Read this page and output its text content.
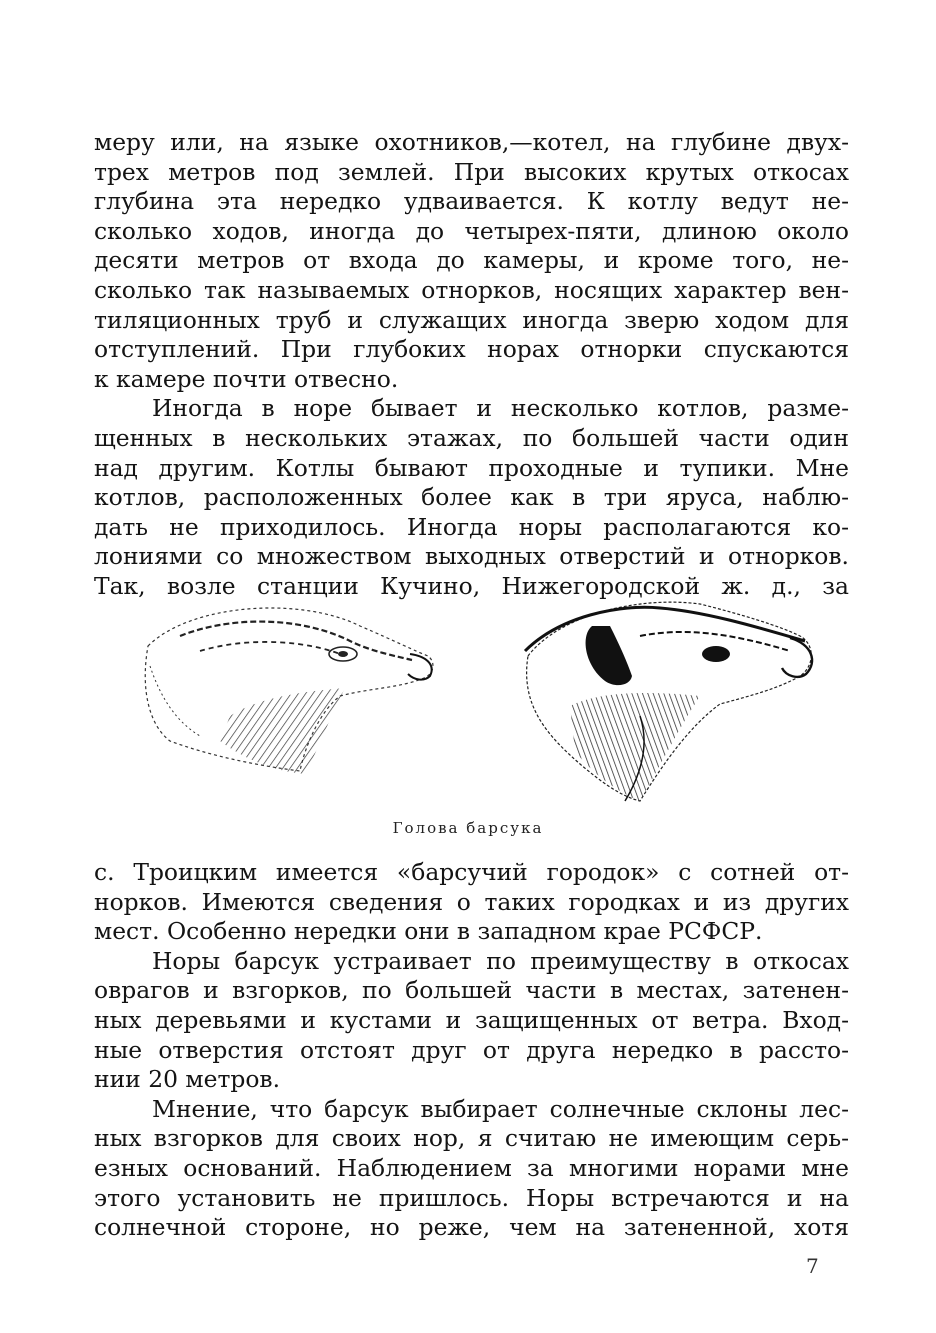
меру или, на языке охотников,—котел, на глубине двух-
трех метров под землей. При высоких крутых откосах
глубина эта нередко удваивается. К котлу ведут не-
сколько ходов, иногда до четырех-пяти, длиною около
десяти метров от входа до камеры, и кроме того, не-
сколько так называемых отнорков, носящих характер вен-
тиляционных труб и служащих иногда зверю ходом для
отступлений. При глубоких норах отнорки спускаются
к камере почти отвесно.
Иногда в норе бывает и несколько котлов, разме-
щенных в нескольких этажах, по большей части один
над другим. Котлы бывают проходные и тупики. Мне
котлов, расположенных более как в три яруса, наблю-
дать не приходилось. Иногда норы располагаются ко-
лониями со множеством выходных отверстий и отнорков.
Так, возле станции Кучино, Нижегородской ж. д., за
Голова барсука
с. Троицким имеется «барсучий городок» с сотней от-
норков. Имеются сведения о таких городках и из других
мест. Особенно нередки они в западном крае РСФСР.
Норы барсук устраивает по преимуществу в откосах
оврагов и взгорков, по большей части в местах, затенен-
ных деревьями и кустами и защищенных от ветра. Вход-
ные отверстия отстоят друг от друга нередко в рассто-
нии 20 метров.
Мнение, что барсук выбирает солнечные склоны лес-
ных взгорков для своих нор, я считаю не имеющим серь-
езных оснований. Наблюдением за многими норами мне
этого установить не пришлось. Норы встречаются и на
солнечной стороне, но реже, чем на затененной, хотя
7
